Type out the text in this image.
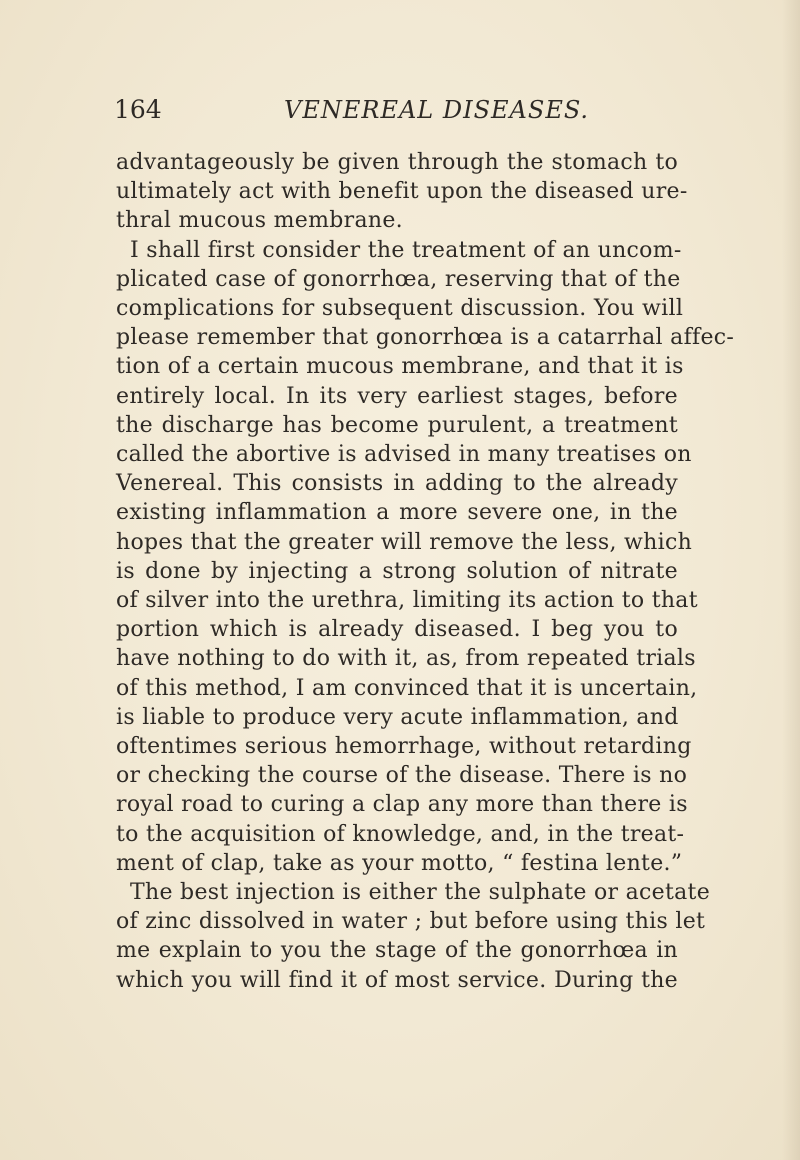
164	VENEREAL DISEASES.
advantageously be given through the stomach to
ultimately act with benefit upon the diseased ure-
thral mucous membrane.
I shall first consider the treatment of an uncom-
plicated case of gonorrhœa, reserving that of the
complications for subsequent discussion. You will
please remember that gonorrhœa is a catarrhal affec-
tion of a certain mucous membrane, and that it is
entirely local. In its very earliest stages, before
the discharge has become purulent, a treatment
called the abortive is advised in many treatises on
Venereal. This consists in adding to the already
existing inflammation a more severe one, in the
hopes that the greater will remove the less, which
is done by injecting a strong solution of nitrate
of silver into the urethra, limiting its action to that
portion which is already diseased. I beg you to
have nothing to do with it, as, from repeated trials
of this method, I am convinced that it is uncertain,
is liable to produce very acute inflammation, and
oftentimes serious hemorrhage, without retarding
or checking the course of the disease. There is no
royal road to curing a clap any more than there is
to the acquisition of knowledge, and, in the treat-
ment of clap, take as your motto, “ festina lente.”
The best injection is either the sulphate or acetate
of zinc dissolved in water ; but before using this let
me explain to you the stage of the gonorrhœa in
which you will find it of most service. During the
